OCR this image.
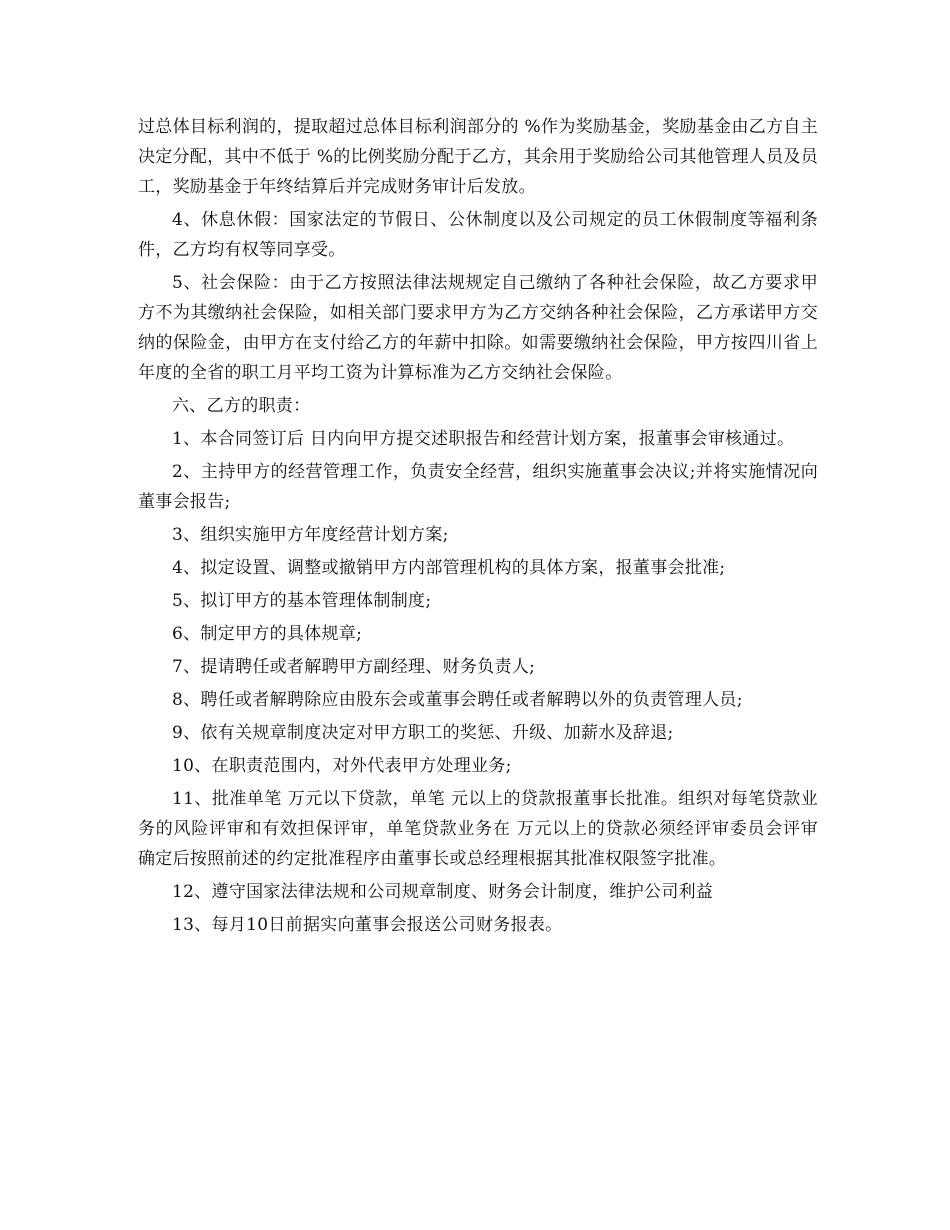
过总体目标利润的，提取超过总体目标利润部分的 %作为奖励基金，奖励基金由乙方自主决定分配，其中不低于 %的比例奖励分配于乙方，其余用于奖励给公司其他管理人员及员工，奖励基金于年终结算后并完成财务审计后发放。

4、休息休假：国家法定的节假日、公休制度以及公司规定的员工休假制度等福利条件，乙方均有权等同享受。

5、社会保险：由于乙方按照法律法规规定自己缴纳了各种社会保险，故乙方要求甲方不为其缴纳社会保险，如相关部门要求甲方为乙方交纳各种社会保险，乙方承诺甲方交纳的保险金，由甲方在支付给乙方的年薪中扣除。如需要缴纳社会保险，甲方按四川省上年度的全省的职工月平均工资为计算标准为乙方交纳社会保险。

六、乙方的职责：

1、本合同签订后 日内向甲方提交述职报告和经营计划方案，报董事会审核通过。

2、主持甲方的经营管理工作，负责安全经营，组织实施董事会决议;并将实施情况向董事会报告;

3、组织实施甲方年度经营计划方案;

4、拟定设置、调整或撤销甲方内部管理机构的具体方案，报董事会批准;

5、拟订甲方的基本管理体制制度;

6、制定甲方的具体规章;

7、提请聘任或者解聘甲方副经理、财务负责人;

8、聘任或者解聘除应由股东会或董事会聘任或者解聘以外的负责管理人员;

9、依有关规章制度决定对甲方职工的奖惩、升级、加薪水及辞退;

10、在职责范围内，对外代表甲方处理业务;

11、批准单笔 万元以下贷款，单笔 元以上的贷款报董事长批准。组织对每笔贷款业务的风险评审和有效担保评审，单笔贷款业务在 万元以上的贷款必须经评审委员会评审确定后按照前述的约定批准程序由董事长或总经理根据其批准权限签字批准。

12、遵守国家法律法规和公司规章制度、财务会计制度，维护公司利益

13、每月10日前据实向董事会报送公司财务报表。
